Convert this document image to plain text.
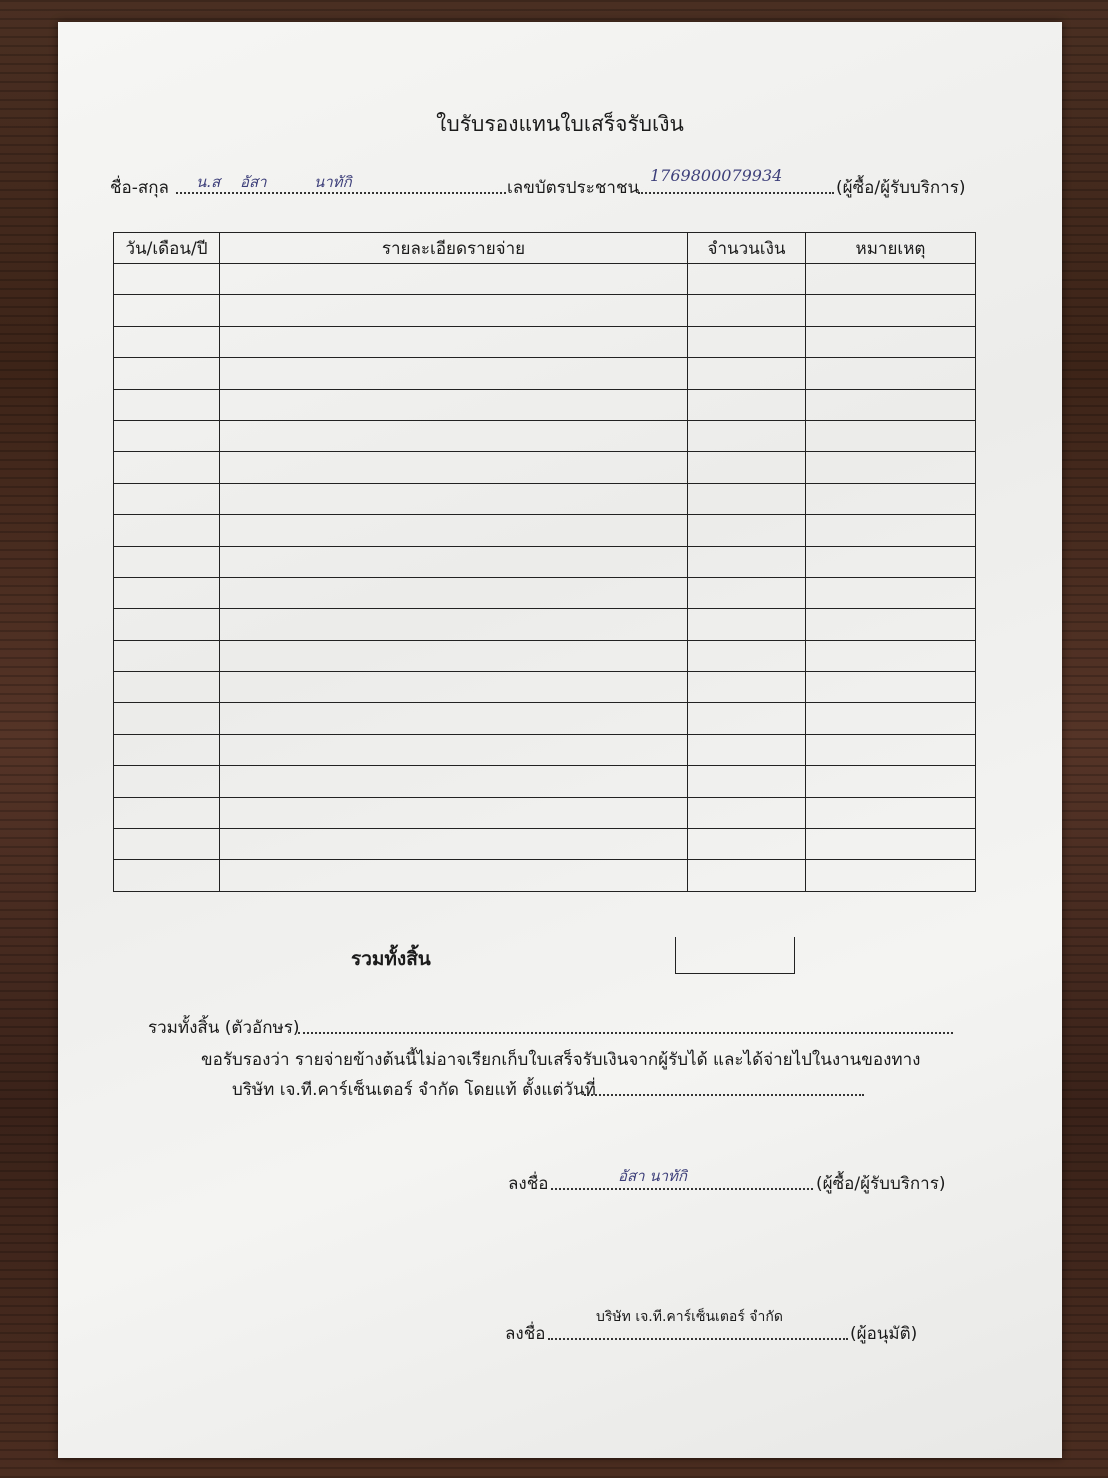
ใบรับรองแทนใบเสร็จรับเงิน
ชื่อ-สกุล น.ส อัสา	นาทักิ	เลขบัตรประชาชน
1769800079934
(ผู้ซื้อ/ผู้รับบริการ)
วัน/เดือน/ปี	รายละเอียดรายจ่าย	จำนวนเงิน	หมายเหตุ

รวมทั้งสิ้น
รวมทั้งสิ้น (ตัวอักษร)
ขอรับรองว่า รายจ่ายข้างต้นนี้ไม่อาจเรียกเก็บใบเสร็จรับเงินจากผู้รับได้ และได้จ่ายไปในงานของทาง
บริษัท เจ.ที.คาร์เซ็นเตอร์ จำกัด โดยแท้ ตั้งแต่วันที่
ลงชื่อ	อัสา นาทักิ	(ผู้ซื้อ/ผู้รับบริการ)
ลงชื่อ
บริษัท เจ.ที.คาร์เซ็นเตอร์ จำกัด
(ผู้อนุมัติ)
